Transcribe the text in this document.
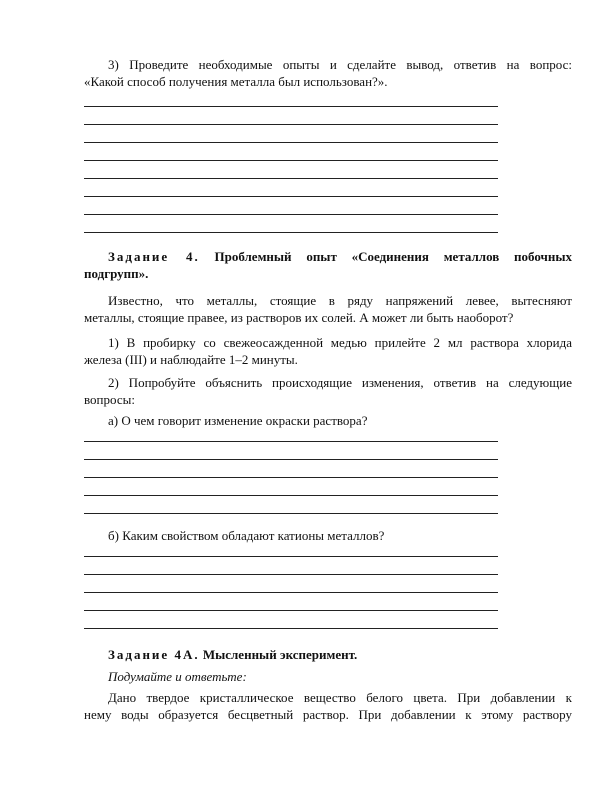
3) Проведите необходимые опыты и сделайте вывод, ответив на вопрос:

«Какой способ получения металла был использован?».

Задание 4. Проблемный опыт «Соединения металлов побочных

подгрупп».

Известно, что металлы, стоящие в ряду напряжений левее, вытесняют

металлы, стоящие правее, из растворов их солей. А может ли быть наоборот?

1) В пробирку со свежеосажденной медью прилейте 2 мл раствора хлорида

железа (III) и наблюдайте 1–2 минуты.

2) Попробуйте объяснить происходящие изменения, ответив на следующие

вопросы:

а) О чем говорит изменение окраски раствора?

б) Каким свойством обладают катионы металлов?

Задание 4А. Мысленный эксперимент.

Подумайте и ответьте:

Дано твердое кристаллическое вещество белого цвета. При добавлении к

нему воды образуется бесцветный раствор. При добавлении к этому раствору
